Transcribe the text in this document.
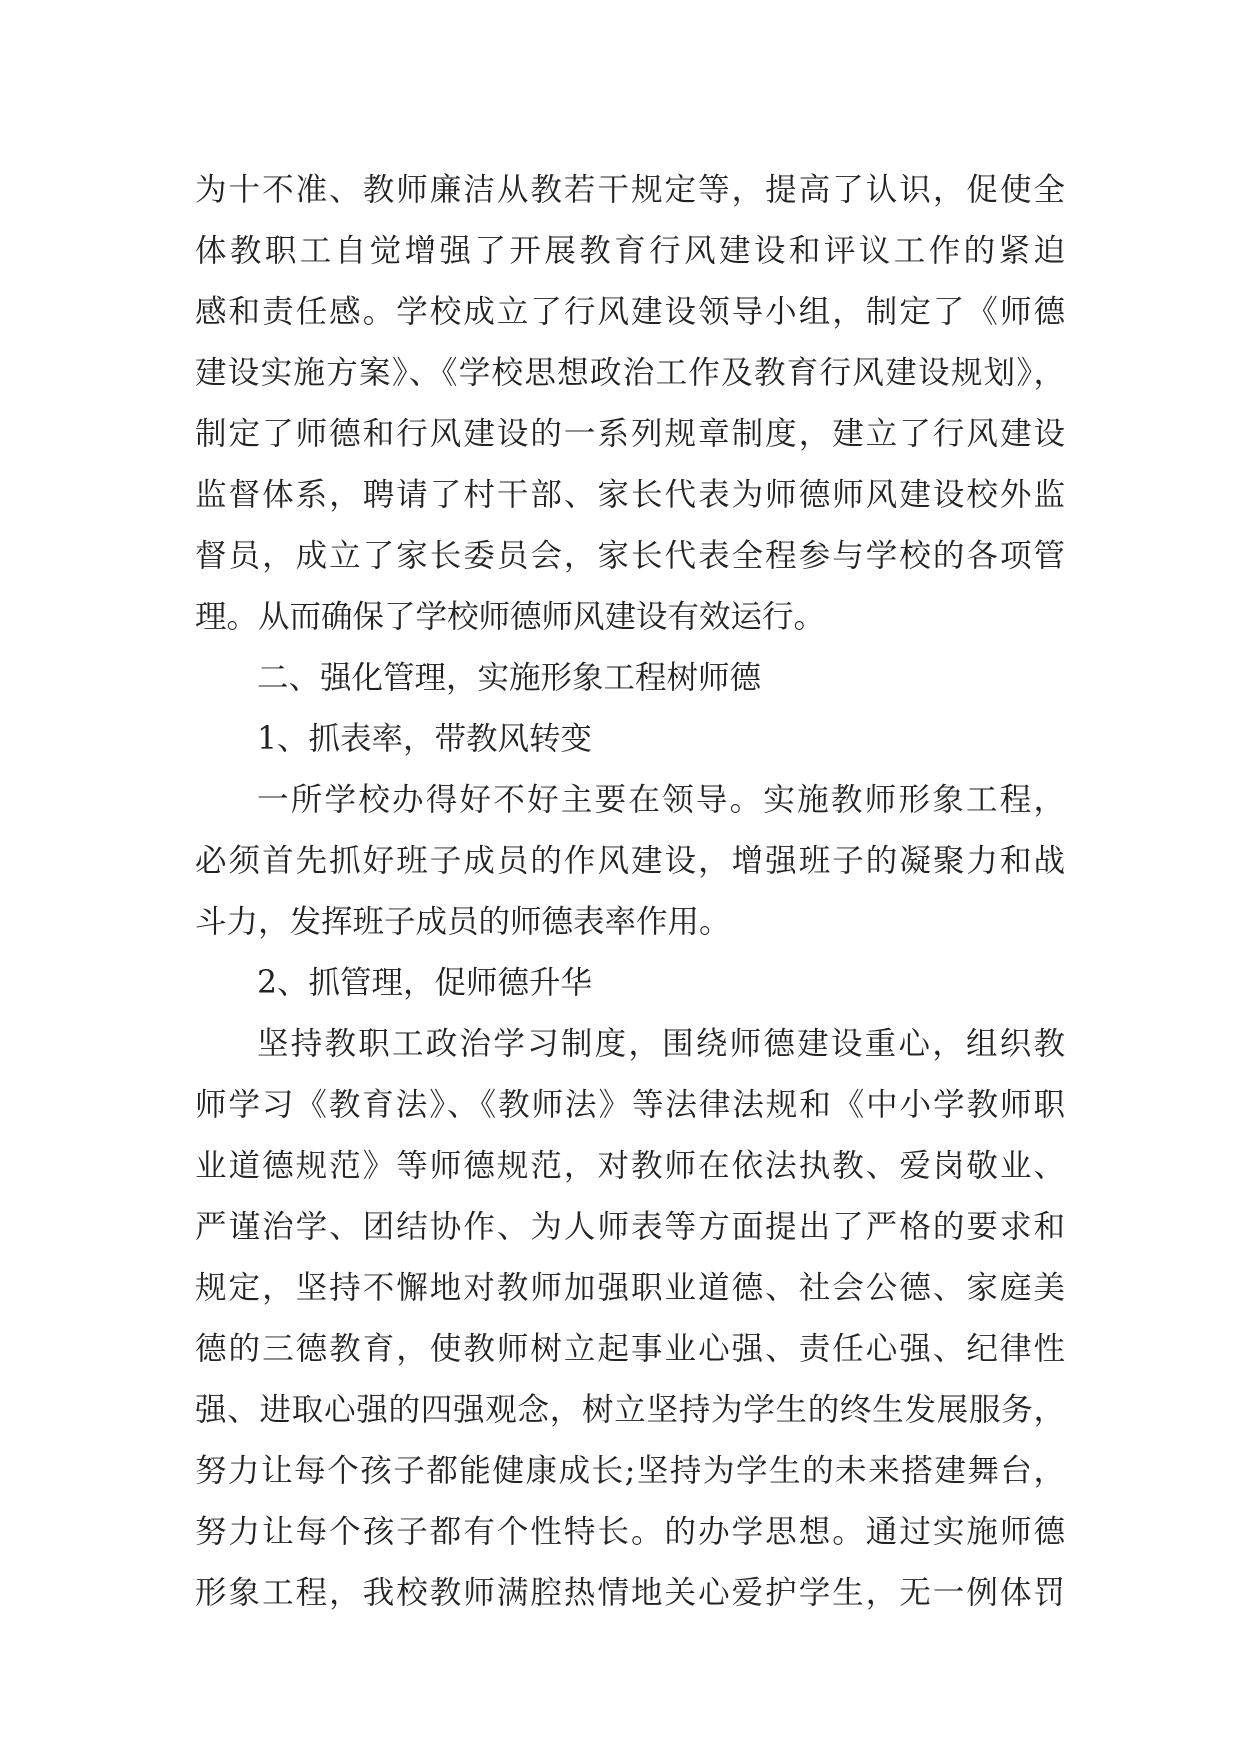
为十不准、教师廉洁从教若干规定等，提高了认识，促使全
体教职工自觉增强了开展教育行风建设和评议工作的紧迫
感和责任感。学校成立了行风建设领导小组，制定了《师德
建设实施方案》、《学校思想政治工作及教育行风建设规划》，
制定了师德和行风建设的一系列规章制度，建立了行风建设
监督体系，聘请了村干部、家长代表为师德师风建设校外监
督员，成立了家长委员会，家长代表全程参与学校的各项管
理。从而确保了学校师德师风建设有效运行。
二、强化管理，实施形象工程树师德
1、抓表率，带教风转变
一所学校办得好不好主要在领导。实施教师形象工程，
必须首先抓好班子成员的作风建设，增强班子的凝聚力和战
斗力，发挥班子成员的师德表率作用。
2、抓管理，促师德升华
坚持教职工政治学习制度，围绕师德建设重心，组织教
师学习《教育法》、《教师法》等法律法规和《中小学教师职
业道德规范》等师德规范，对教师在依法执教、爱岗敬业、
严谨治学、团结协作、为人师表等方面提出了严格的要求和
规定，坚持不懈地对教师加强职业道德、社会公德、家庭美
德的三德教育，使教师树立起事业心强、责任心强、纪律性
强、进取心强的四强观念，树立坚持为学生的终生发展服务，
努力让每个孩子都能健康成长;坚持为学生的未来搭建舞台，
努力让每个孩子都有个性特长。的办学思想。通过实施师德
形象工程，我校教师满腔热情地关心爱护学生，无一例体罚
